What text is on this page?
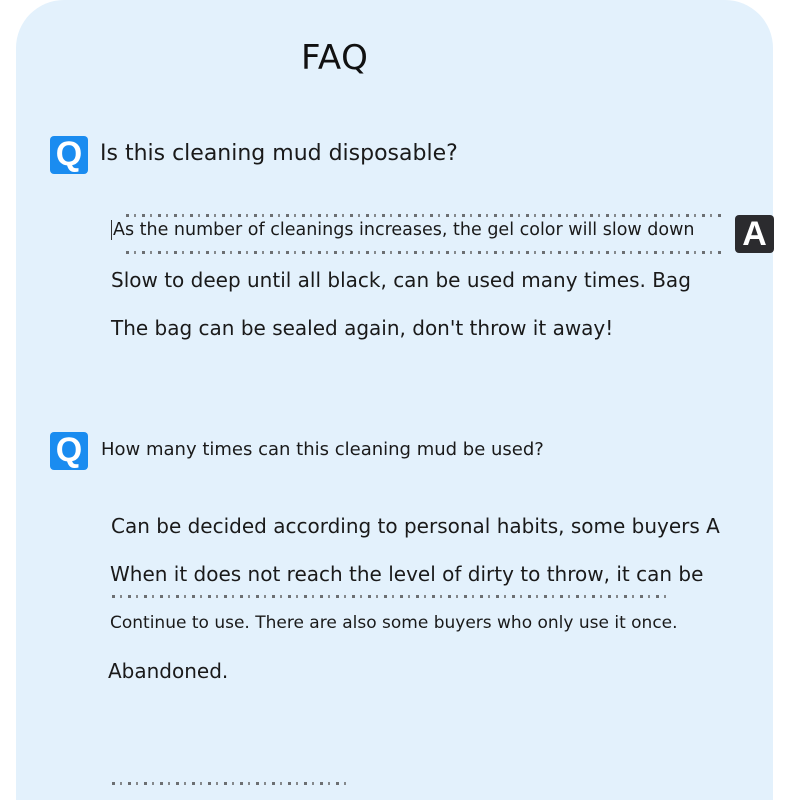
FAQ
Q Is this cleaning mud disposable?
As the number of cleanings increases, the gel color will slow down A
Slow to deep until all black, can be used many times. Bag
The bag can be sealed again, don't throw it away!
Q How many times can this cleaning mud be used?
Can be decided according to personal habits, some buyers A
When it does not reach the level of dirty to throw, it can be
Continue to use. There are also some buyers who only use it once.
Abandoned.
